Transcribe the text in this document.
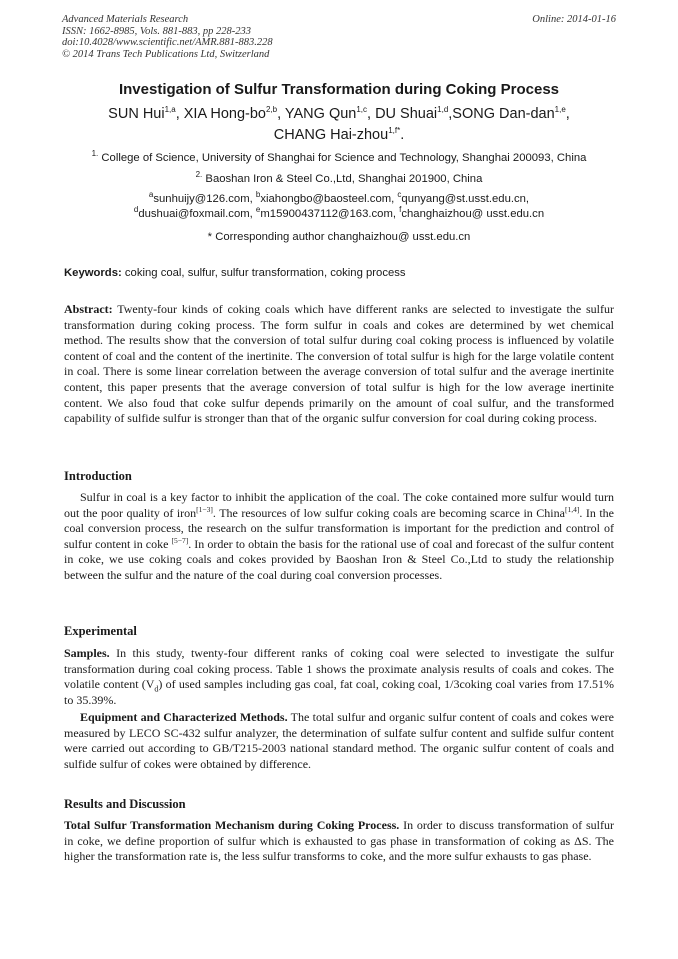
Advanced Materials Research
ISSN: 1662-8985, Vols. 881-883, pp 228-233
doi:10.4028/www.scientific.net/AMR.881-883.228
© 2014 Trans Tech Publications Ltd, Switzerland
Online: 2014-01-16
Investigation of Sulfur Transformation during Coking Process
SUN Hui$^{1,a}$, XIA Hong-bo$^{2,b}$, YANG Qun$^{1,c}$, DU Shuai$^{1,d}$,SONG Dan-dan$^{1,e}$,
CHANG Hai-zhou$^{1,f*}$.
$^{1.}$ College of Science, University of Shanghai for Science and Technology, Shanghai 200093, China
$^{2.}$ Baoshan Iron & Steel Co.,Ltd, Shanghai 201900, China
$^a$sunhuijy@126.com, $^b$xiahongbo@baosteel.com, $^c$qunyang@st.usst.edu.cn,
$^d$dushuai@foxmail.com, $^e$m15900437112@163.com, $^f$changhaizhou@ usst.edu.cn
* Corresponding author changhaizhou@ usst.edu.cn
Keywords: coking coal, sulfur, sulfur transformation, coking process
Abstract: Twenty-four kinds of coking coals which have different ranks are selected to investigate the sulfur transformation during coking process. The form sulfur in coals and cokes are determined by wet chemical method. The results show that the conversion of total sulfur during coal coking process is influenced by volatile content of coal and the content of the inertinite. The conversion of total sulfur is high for the large volatile content in coal. There is some linear correlation between the average conversion of total sulfur and the average inertinite content, this paper presents that the average conversion of total sulfur is high for the low average inertinite content. We also foud that coke sulfur depends primarily on the amount of coal sulfur, and the transformed capability of sulfide sulfur is stronger than that of the organic sulfur conversion for coal during coking process.
Introduction
Sulfur in coal is a key factor to inhibit the application of the coal. The coke contained more sulfur would turn out the poor quality of iron[1−3]. The resources of low sulfur coking coals are becoming scarce in China[1,4]. In the coal conversion process, the research on the sulfur transformation is important for the prediction and control of sulfur content in coke [5−7]. In order to obtain the basis for the rational use of coal and forecast of the sulfur content in coke, we use coking coals and cokes provided by Baoshan Iron & Steel Co.,Ltd to study the relationship between the sulfur and the nature of the coal during coal conversion processes.
Experimental
Samples. In this study, twenty-four different ranks of coking coal were selected to investigate the sulfur transformation during coal coking process. Table 1 shows the proximate analysis results of coals and cokes. The volatile content $(V_d)$ of used samples including gas coal, fat coal, coking coal, 1/3coking coal varies from 17.51% to 35.39%.
Equipment and Characterized Methods. The total sulfur and organic sulfur content of coals and cokes were measured by LECO SC-432 sulfur analyzer, the determination of sulfate sulfur content and sulfide sulfur content were carried out according to GB/T215-2003 national standard method. The organic sulfur content of coals and sulfide sulfur of cokes were obtained by difference.
Results and Discussion
Total Sulfur Transformation Mechanism during Coking Process. In order to discuss transformation of sulfur in coke, we define proportion of sulfur which is exhausted to gas phase in transformation of coking as ΔS. The higher the transformation rate is, the less sulfur transforms to coke, and the more sulfur exhausts to gas phase.
